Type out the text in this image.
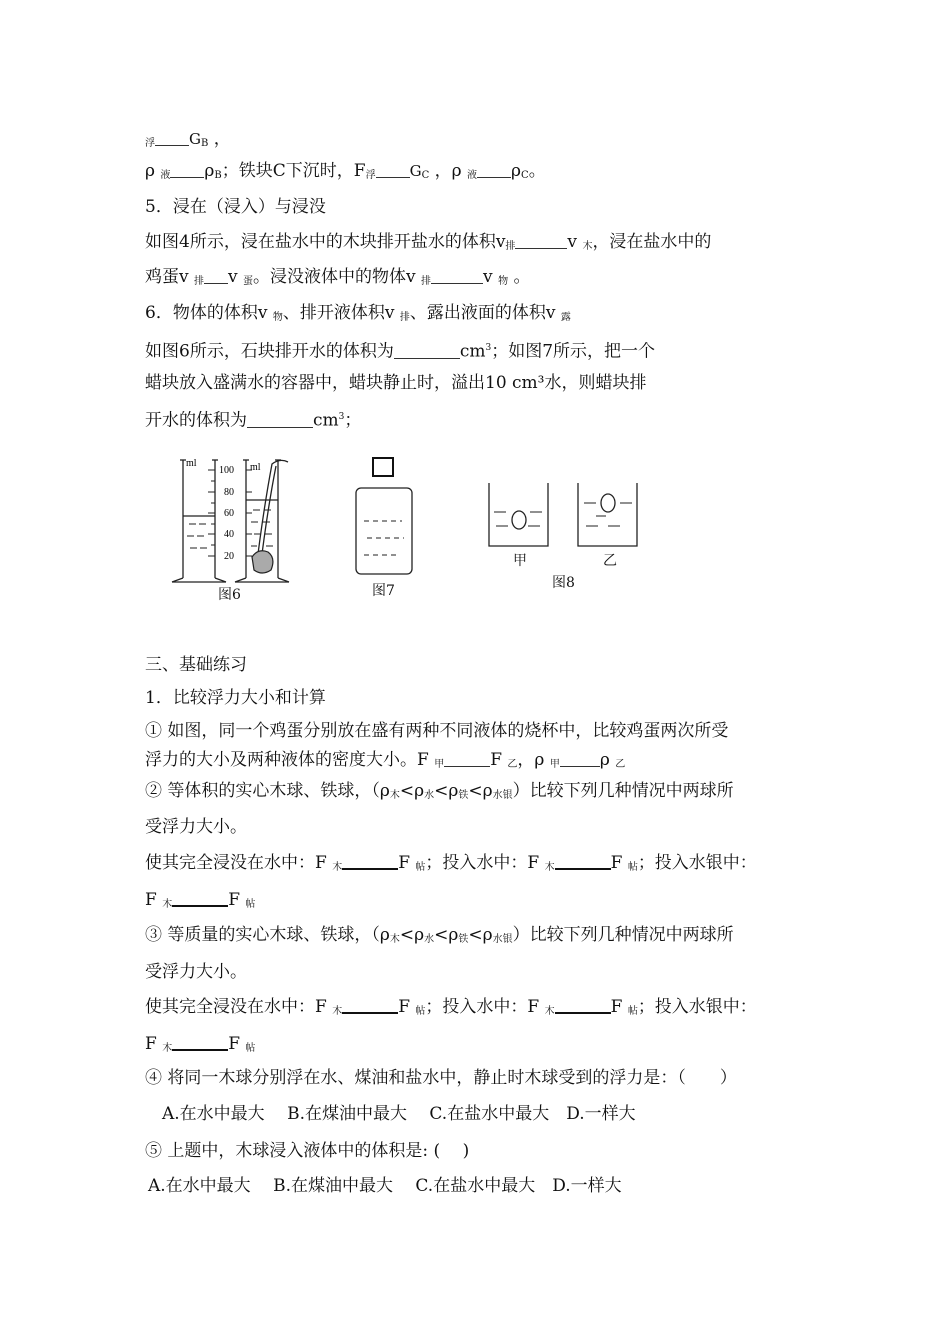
$_浮$ $G_B$ ，
ρ $_液$ $\rho_B$；铁块C下沉时，$F_浮$ $G_C$ ，ρ $_液$ $\rho_C$。
5．浸在（浸入）与浸没
如图4所示，浸在盐水中的木块排开盐水的体积$v_排$	v $_木$，浸在盐水中的
鸡蛋v $_排$ v $_蛋$。浸没液体中的物体v $_排$	v $_物$ 。
6．物体的体积v $_物$、排开液体积v $_排$、露出液面的体积v $_露$
如图6所示，石块排开水的体积为	$cm^3$；如图7所示，把一个
蜡块放入盛满水的容器中，蜡块静止时，溢出10 cm³水，则蜡块排
开水的体积为	$cm^3$；
ml	ml
100
80
60
40
20
图6	图7
甲	乙
图8
三、基础练习
1．比较浮力大小和计算
① 如图，同一个鸡蛋分别放在盛有两种不同液体的烧杯中，比较鸡蛋两次所受
浮力的大小及两种液体的密度大小。F $_甲$	F $_乙$，ρ $_甲$ ρ $_乙$
② 等体积的实心木球、铁球，$(\rho_木<\rho_水<\rho_铁<\rho_{水银})$比较下列几种情况中两球所
受浮力大小。
使其完全浸没在水中：F $_木$	F $_帖$；投入水中：F $_木$	F $_帖$；投入水银中：
F $_木$	F $_帖$
③ 等质量的实心木球、铁球，$(\rho_木<\rho_水<\rho_铁<\rho_{水银})$比较下列几种情况中两球所
受浮力大小。
使其完全浸没在水中：F $_木$	F $_帖$；投入水中：F $_木$	F $_帖$；投入水银中：
F $_木$	F $_帖$
④ 将同一木球分别浮在水、煤油和盐水中，静止时木球受到的浮力是：（　　）
A.在水中最大　 B.在煤油中最大　 C.在盐水中最大　D.一样大
⑤ 上题中，木球浸入液体中的体积是: (　 )
A.在水中最大　 B.在煤油中最大　 C.在盐水中最大　D.一样大
